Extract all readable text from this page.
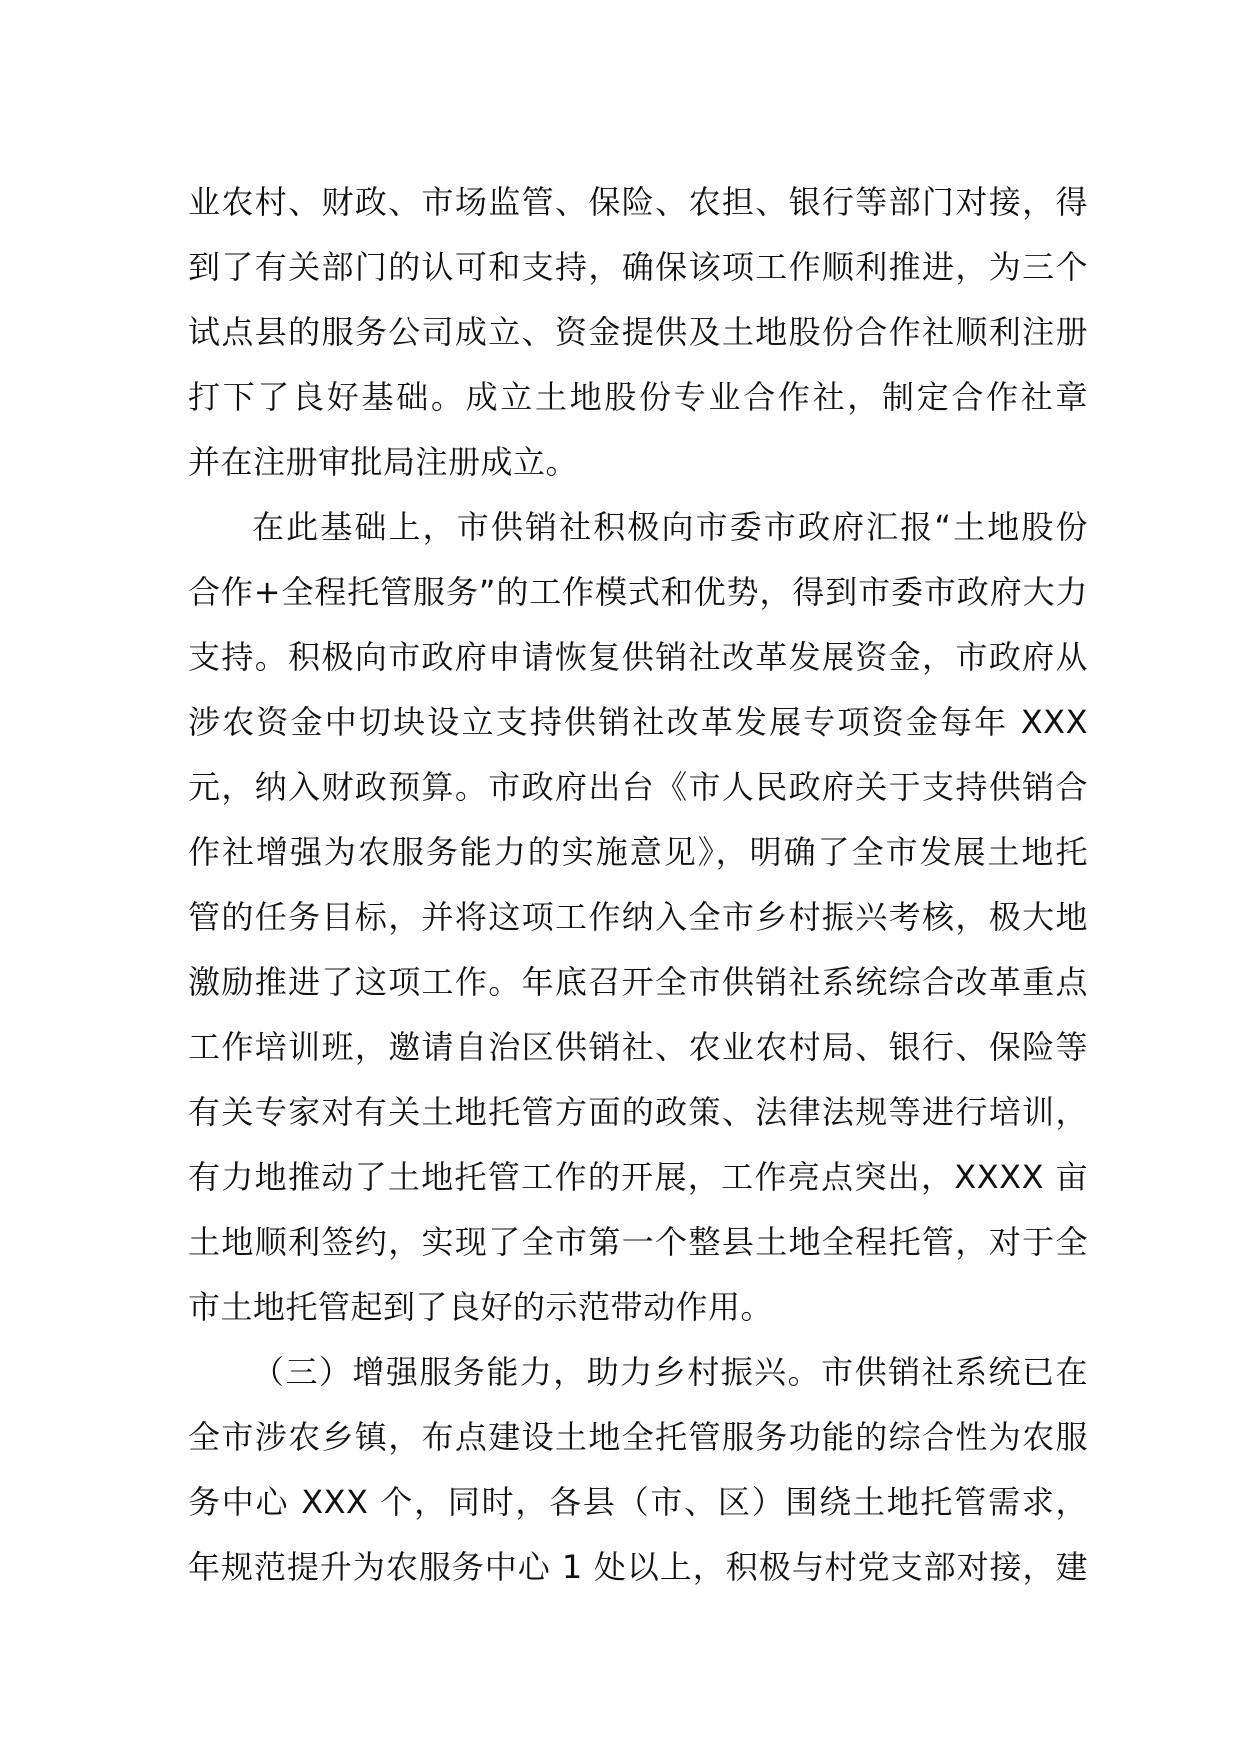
业农村、财政、市场监管、保险、农担、银行等部门对接，得
到了有关部门的认可和支持，确保该项工作顺利推进，为三个
试点县的服务公司成立、资金提供及土地股份合作社顺利注册
打下了良好基础。成立土地股份专业合作社，制定合作社章
并在注册审批局注册成立。
在此基础上，市供销社积极向市委市政府汇报“土地股份
合作+全程托管服务”的工作模式和优势，得到市委市政府大力
支持。积极向市政府申请恢复供销社改革发展资金，市政府从
涉农资金中切块设立支持供销社改革发展专项资金每年 XXX
元，纳入财政预算。市政府出台《市人民政府关于支持供销合
作社增强为农服务能力的实施意见》，明确了全市发展土地托
管的任务目标，并将这项工作纳入全市乡村振兴考核，极大地
激励推进了这项工作。年底召开全市供销社系统综合改革重点
工作培训班，邀请自治区供销社、农业农村局、银行、保险等
有关专家对有关土地托管方面的政策、法律法规等进行培训，
有力地推动了土地托管工作的开展，工作亮点突出，XXXX 亩
土地顺利签约，实现了全市第一个整县土地全程托管，对于全
市土地托管起到了良好的示范带动作用。
（三）增强服务能力，助力乡村振兴。市供销社系统已在
全市涉农乡镇，布点建设土地全托管服务功能的综合性为农服
务中心 XXX 个，同时，各县（市、区）围绕土地托管需求，
年规范提升为农服务中心 1 处以上，积极与村党支部对接，建
